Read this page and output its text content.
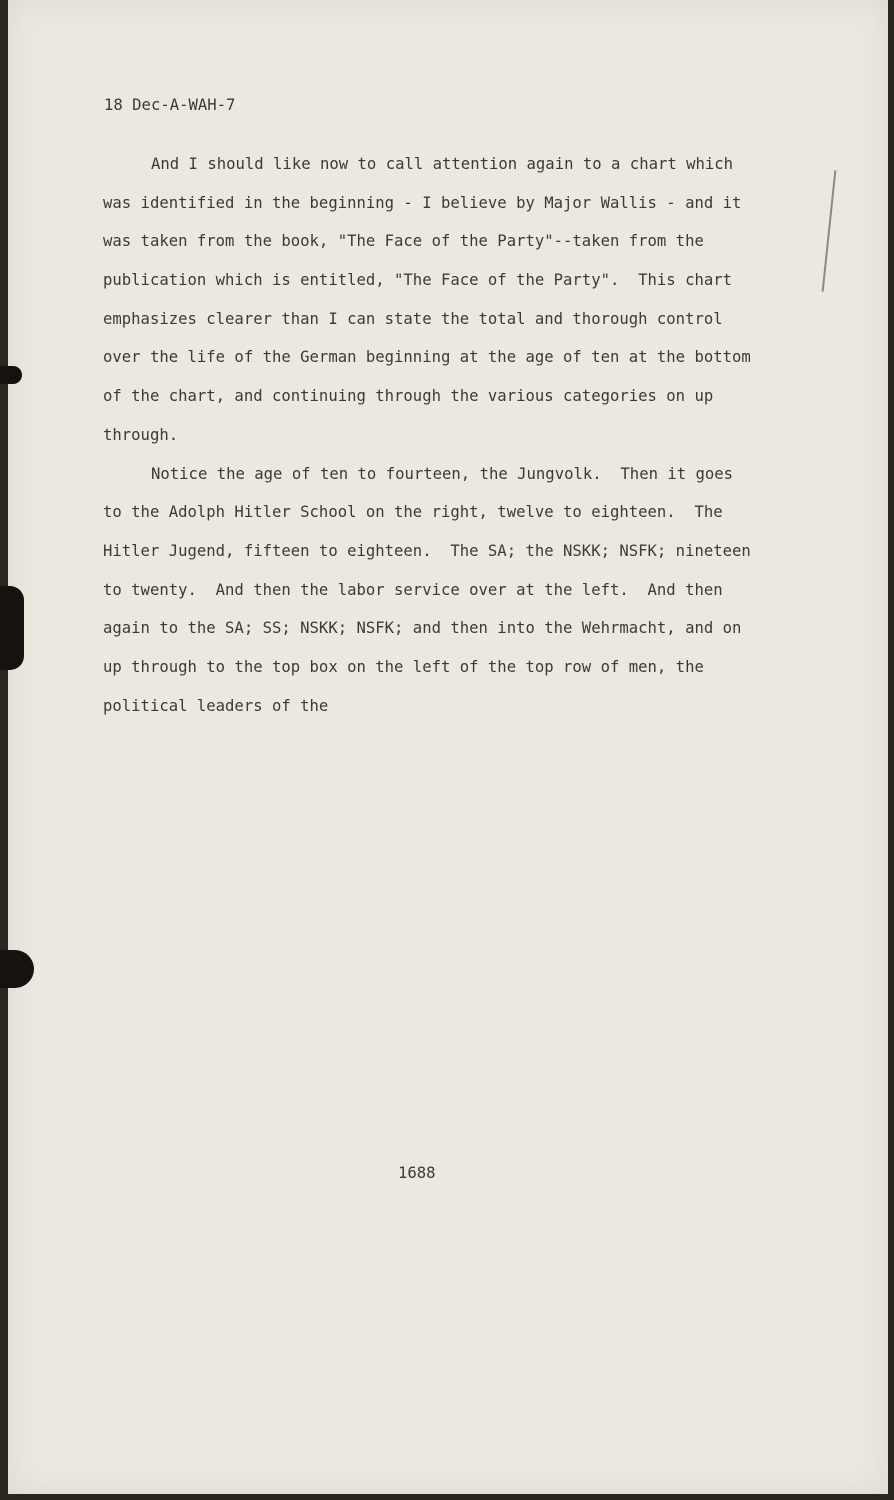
18 Dec-A-WAH-7
And I should like now to call attention again to a chart which
was identified in the beginning - I believe by Major Wallis - and it
was taken from the book, "The Face of the Party"--taken from the
publication which is entitled, "The Face of the Party".  This chart
emphasizes clearer than I can state the total and thorough control
over the life of the German beginning at the age of ten at the bottom
of the chart, and continuing through the various categories on up
through.
Notice the age of ten to fourteen, the Jungvolk.  Then it goes
to the Adolph Hitler School on the right, twelve to eighteen.  The
Hitler Jugend, fifteen to eighteen.  The SA; the NSKK; NSFK; nineteen
to twenty.  And then the labor service over at the left.  And then
again to the SA; SS; NSKK; NSFK; and then into the Wehrmacht, and on
up through to the top box on the left of the top row of men, the
political leaders of the
1688
